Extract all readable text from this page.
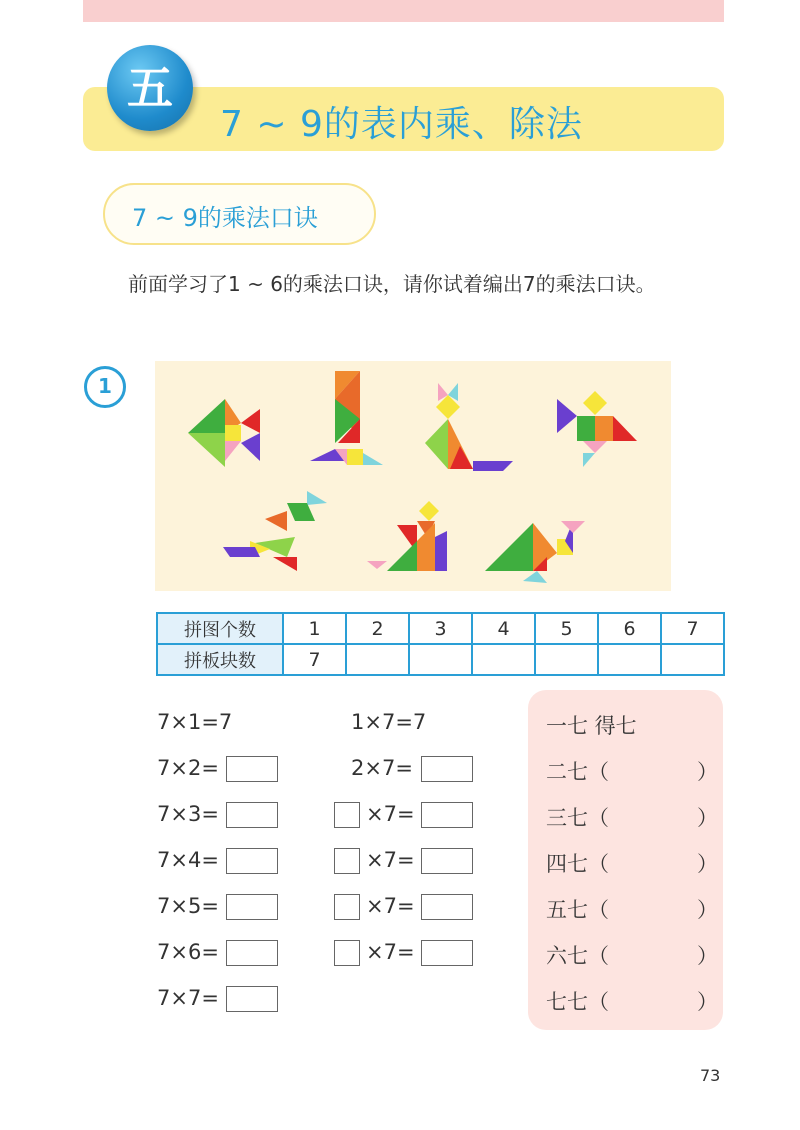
五
7 ~ 9的表内乘、除法
7 ~ 9的乘法口诀

前面学习了1 ~ 6的乘法口诀，请你试着编出7的乘法口诀。

1
拼图个数	1	2	3	4	5	6	7
拼板块数	7						
7×1=7
7×2=
7×3=
7×4=
7×5=
7×6=
7×7=
1×7=7
2×7=
×7=
×7=
×7=
×7=
一七 得七
二七（	）
三七（	）
四七（	）
五七（	）
六七（	）
七七（	）
73
